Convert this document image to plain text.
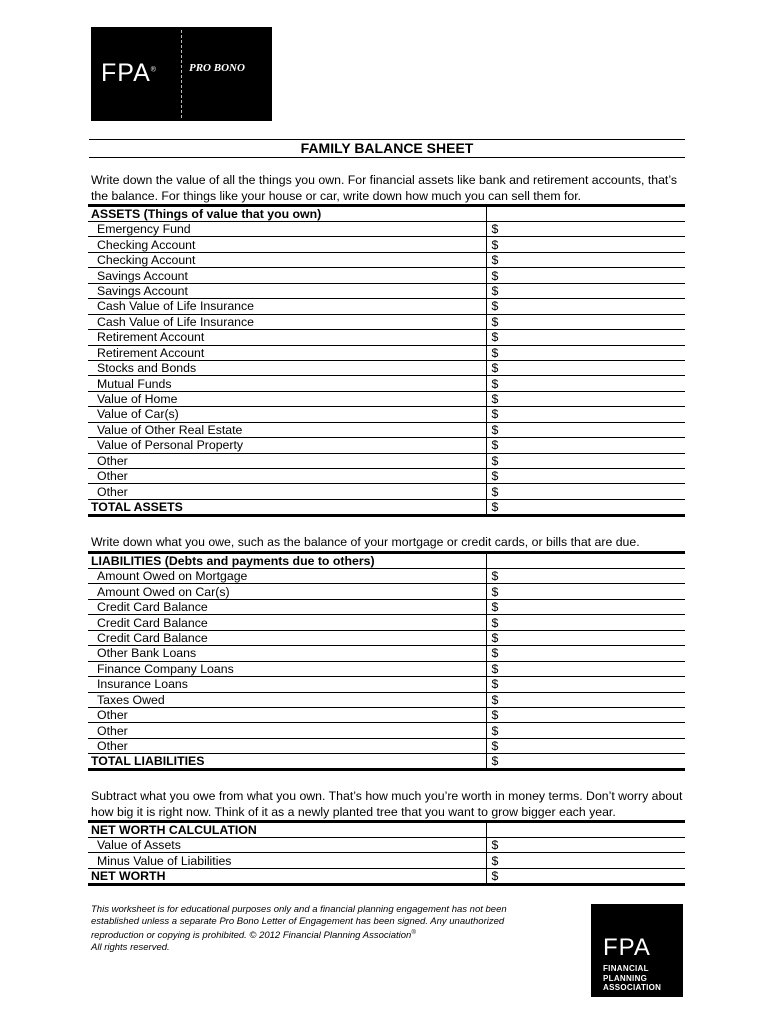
FPA®	PRO BONO
FAMILY BALANCE SHEET

Write down the value of all the things you own. For financial assets like bank and retirement accounts, that’s the balance. For things like your house or car, write down how much you can sell them for.

ASSETS (Things of value that you own)	
Emergency Fund	$
Checking Account	$
Checking Account	$
Savings Account	$
Savings Account	$
Cash Value of Life Insurance	$
Cash Value of Life Insurance	$
Retirement Account	$
Retirement Account	$
Stocks and Bonds	$
Mutual Funds	$
Value of Home	$
Value of Car(s)	$
Value of Other Real Estate	$
Value of Personal Property	$
Other	$
Other	$
Other	$
TOTAL ASSETS	$

Write down what you owe, such as the balance of your mortgage or credit cards, or bills that are due.

LIABILITIES (Debts and payments due to others)	
Amount Owed on Mortgage	$
Amount Owed on Car(s)	$
Credit Card Balance	$
Credit Card Balance	$
Credit Card Balance	$
Other Bank Loans	$
Finance Company Loans	$
Insurance Loans	$
Taxes Owed	$
Other	$
Other	$
Other	$
TOTAL LIABILITIES	$

Subtract what you owe from what you own. That’s how much you’re worth in money terms. Don’t worry about how big it is right now. Think of it as a newly planted tree that you want to grow bigger each year.

NET WORTH CALCULATION	
Value of Assets	$
Minus Value of Liabilities	$
NET WORTH	$
This worksheet is for educational purposes only and a financial planning engagement has not been established unless a separate Pro Bono Letter of Engagement has been signed. Any unauthorized reproduction or copying is prohibited. © 2012 Financial Planning Association®
All rights reserved.	FPA
FINANCIAL
PLANNING
ASSOCIATION
